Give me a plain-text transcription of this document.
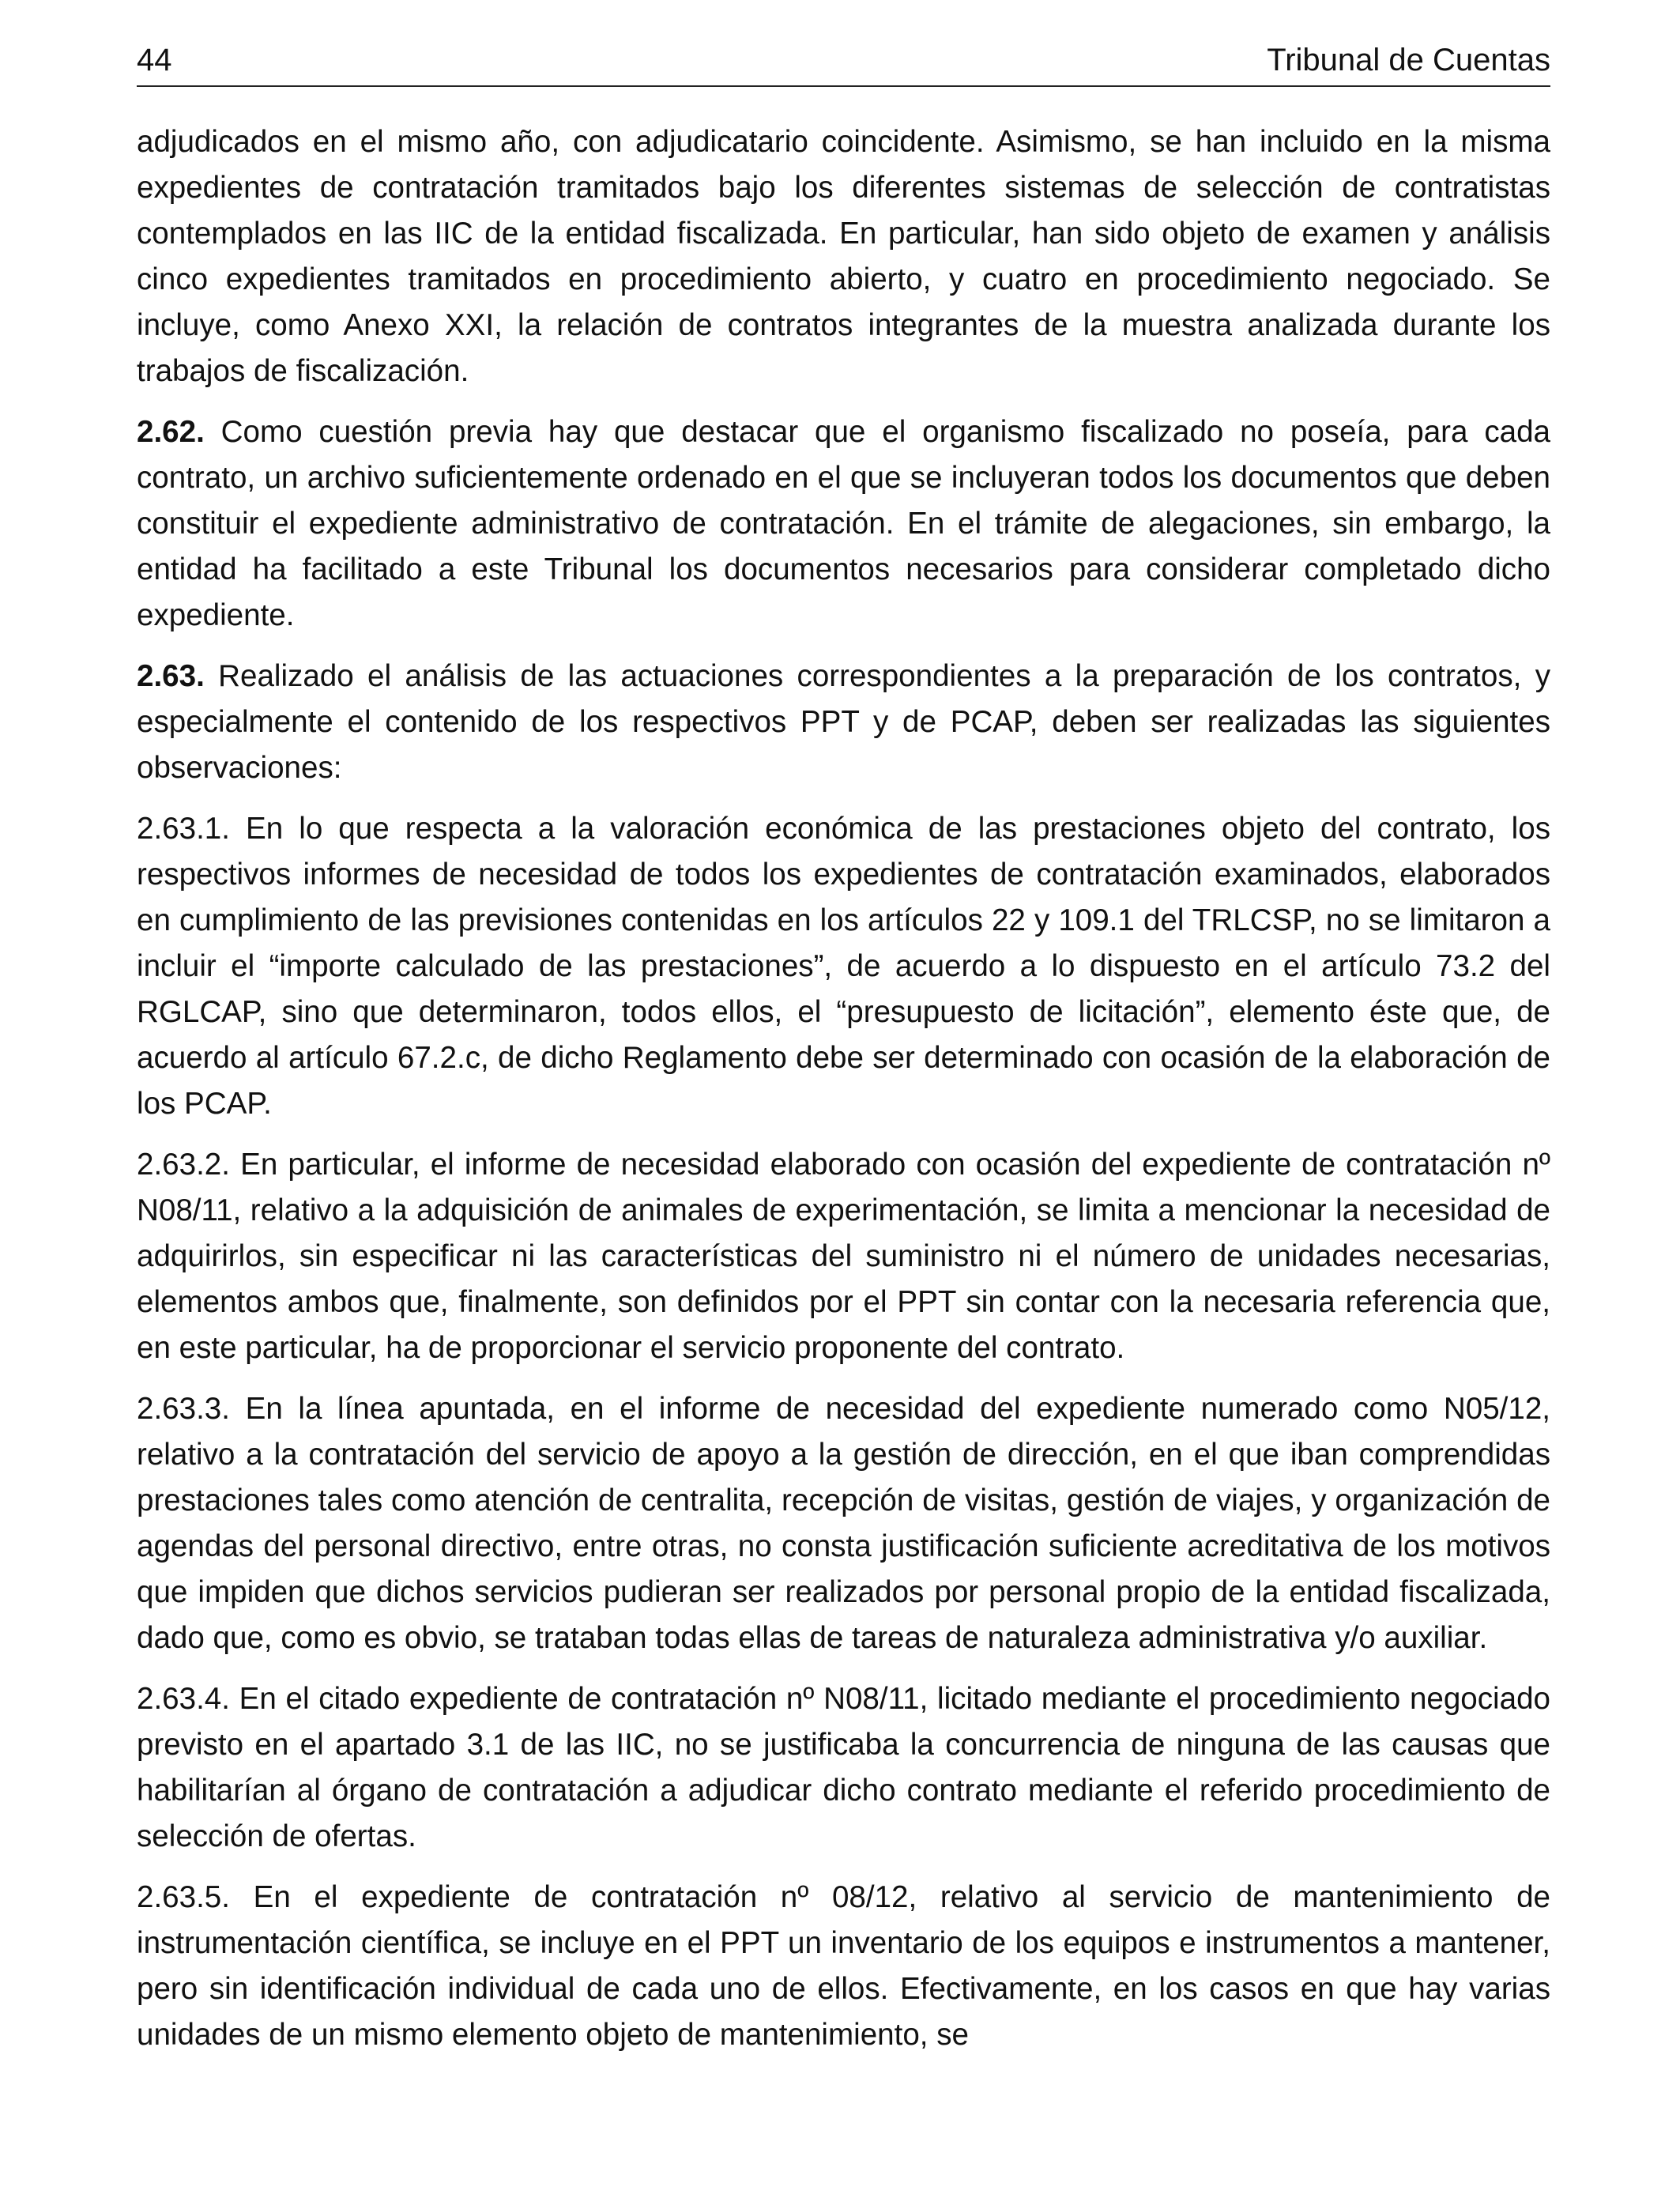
44	Tribunal de Cuentas

adjudicados en el mismo año, con adjudicatario coincidente. Asimismo, se han incluido en la misma expedientes de contratación tramitados bajo los diferentes sistemas de selección de contratistas contemplados en las IIC de la entidad fiscalizada. En particular, han sido objeto de examen y análisis cinco expedientes tramitados en procedimiento abierto, y cuatro en procedimiento negociado. Se incluye, como Anexo XXI, la relación de contratos integrantes de la muestra analizada durante los trabajos de fiscalización.

2.62. Como cuestión previa hay que destacar que el organismo fiscalizado no poseía, para cada contrato, un archivo suficientemente ordenado en el que se incluyeran todos los documentos que deben constituir el expediente administrativo de contratación. En el trámite de alegaciones, sin embargo, la entidad ha facilitado a este Tribunal los documentos necesarios para considerar completado dicho expediente.

2.63. Realizado el análisis de las actuaciones correspondientes a la preparación de los contratos, y especialmente el contenido de los respectivos PPT y de PCAP, deben ser realizadas las siguientes observaciones:

2.63.1. En lo que respecta a la valoración económica de las prestaciones objeto del contrato, los respectivos informes de necesidad de todos los expedientes de contratación examinados, elaborados en cumplimiento de las previsiones contenidas en los artículos 22 y 109.1 del TRLCSP, no se limitaron a incluir el “importe calculado de las prestaciones”, de acuerdo a lo dispuesto en el artículo 73.2 del RGLCAP, sino que determinaron, todos ellos, el “presupuesto de licitación”, elemento éste que, de acuerdo al artículo 67.2.c, de dicho Reglamento debe ser determinado con ocasión de la elaboración de los PCAP.

2.63.2. En particular, el informe de necesidad elaborado con ocasión del expediente de contratación nº N08/11, relativo a la adquisición de animales de experimentación, se limita a mencionar la necesidad de adquirirlos, sin especificar ni las características del suministro ni el número de unidades necesarias, elementos ambos que, finalmente, son definidos por el PPT sin contar con la necesaria referencia que, en este particular, ha de proporcionar el servicio proponente del contrato.

2.63.3. En la línea apuntada, en el informe de necesidad del expediente numerado como N05/12, relativo a la contratación del servicio de apoyo a la gestión de dirección, en el que iban comprendidas prestaciones tales como atención de centralita, recepción de visitas, gestión de viajes, y organización de agendas del personal directivo, entre otras, no consta justificación suficiente acreditativa de los motivos que impiden que dichos servicios pudieran ser realizados por personal propio de la entidad fiscalizada, dado que, como es obvio, se trataban todas ellas de tareas de naturaleza administrativa y/o auxiliar.

2.63.4. En el citado expediente de contratación nº N08/11, licitado mediante el procedimiento negociado previsto en el apartado 3.1 de las IIC, no se justificaba la concurrencia de ninguna de las causas que habilitarían al órgano de contratación a adjudicar dicho contrato mediante el referido procedimiento de selección de ofertas.

2.63.5. En el expediente de contratación nº 08/12, relativo al servicio de mantenimiento de instrumentación científica, se incluye en el PPT un inventario de los equipos e instrumentos a mantener, pero sin identificación individual de cada uno de ellos. Efectivamente, en los casos en que hay varias unidades de un mismo elemento objeto de mantenimiento, se
